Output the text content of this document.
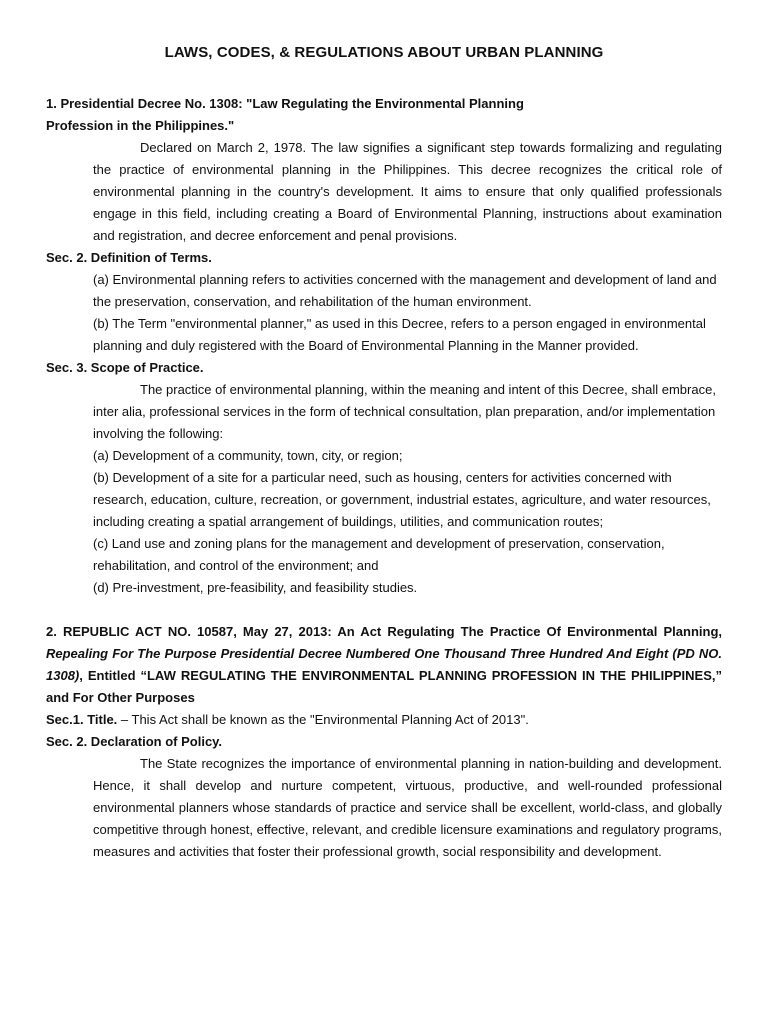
LAWS, CODES, & REGULATIONS ABOUT URBAN PLANNING

1. Presidential Decree No. 1308: "Law Regulating the Environmental Planning

Profession in the Philippines."

Declared on March 2, 1978. The law signifies a significant step towards formalizing and regulating the practice of environmental planning in the Philippines. This decree recognizes the critical role of environmental planning in the country's development. It aims to ensure that only qualified professionals engage in this field, including creating a Board of Environmental Planning, instructions about examination and registration, and decree enforcement and penal provisions.

Sec. 2. Definition of Terms.

(a) Environmental planning refers to activities concerned with the management and development of land and the preservation, conservation, and rehabilitation of the human environment.

(b) The Term "environmental planner," as used in this Decree, refers to a person engaged in environmental planning and duly registered with the Board of Environmental Planning in the Manner provided.

Sec. 3. Scope of Practice.

The practice of environmental planning, within the meaning and intent of this Decree, shall embrace, inter alia, professional services in the form of technical consultation, plan preparation, and/or implementation involving the following:

(a) Development of a community, town, city, or region;

(b) Development of a site for a particular need, such as housing, centers for activities concerned with research, education, culture, recreation, or government, industrial estates, agriculture, and water resources, including creating a spatial arrangement of buildings, utilities, and communication routes;

(c) Land use and zoning plans for the management and development of preservation, conservation, rehabilitation, and control of the environment; and

(d) Pre-investment, pre-feasibility, and feasibility studies.

2. REPUBLIC ACT NO. 10587, May 27, 2013: An Act Regulating The Practice Of Environmental Planning, Repealing For The Purpose Presidential Decree Numbered One Thousand Three Hundred And Eight (PD NO. 1308), Entitled “LAW REGULATING THE ENVIRONMENTAL PLANNING PROFESSION IN THE PHILIPPINES,” and For Other Purposes

Sec.1. Title. – This Act shall be known as the "Environmental Planning Act of 2013".

Sec. 2. Declaration of Policy.

The State recognizes the importance of environmental planning in nation-building and development. Hence, it shall develop and nurture competent, virtuous, productive, and well-rounded professional environmental planners whose standards of practice and service shall be excellent, world-class, and globally competitive through honest, effective, relevant, and credible licensure examinations and regulatory programs, measures and activities that foster their professional growth, social responsibility and development.
